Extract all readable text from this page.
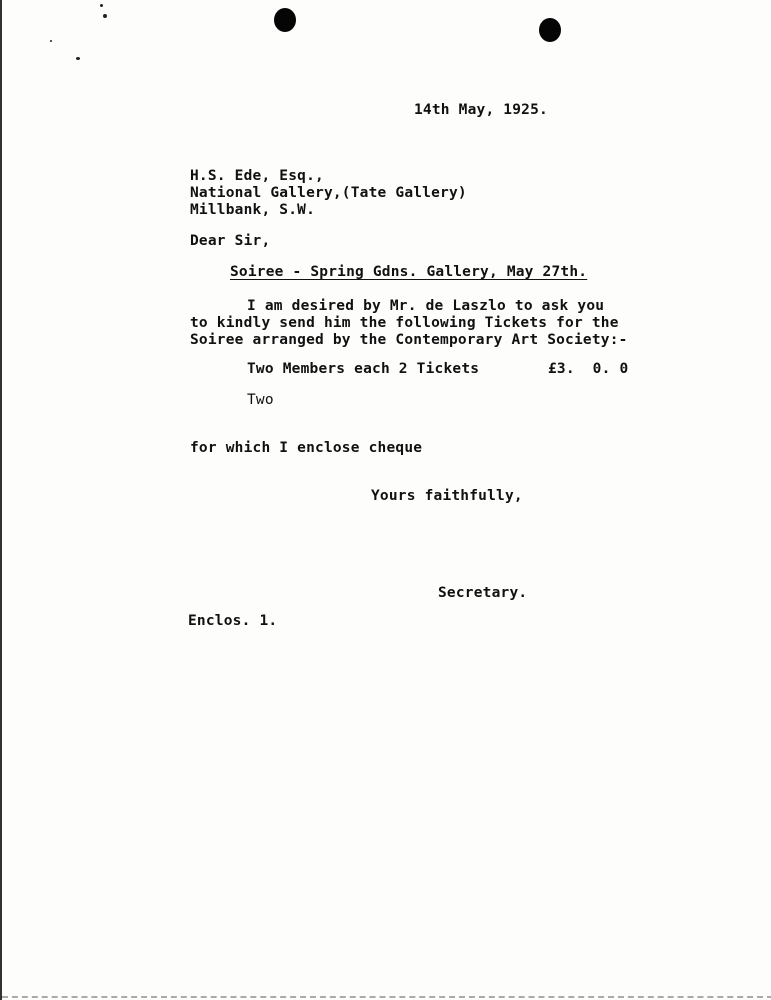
14th May, 1925.
H.S. Ede, Esq.,
National Gallery,(Tate Gallery)
Millbank, S.W.
Dear Sir,
Soiree - Spring Gdns. Gallery, May 27th.
I am desired by Mr. de Laszlo to ask you
to kindly send him the following Tickets for the
Soiree arranged by the Contemporary Art Society:-
Two Members each 2 Tickets	£3.  0. 0
Two
for which I enclose cheque
Yours faithfully,
Secretary.
Enclos. 1.
